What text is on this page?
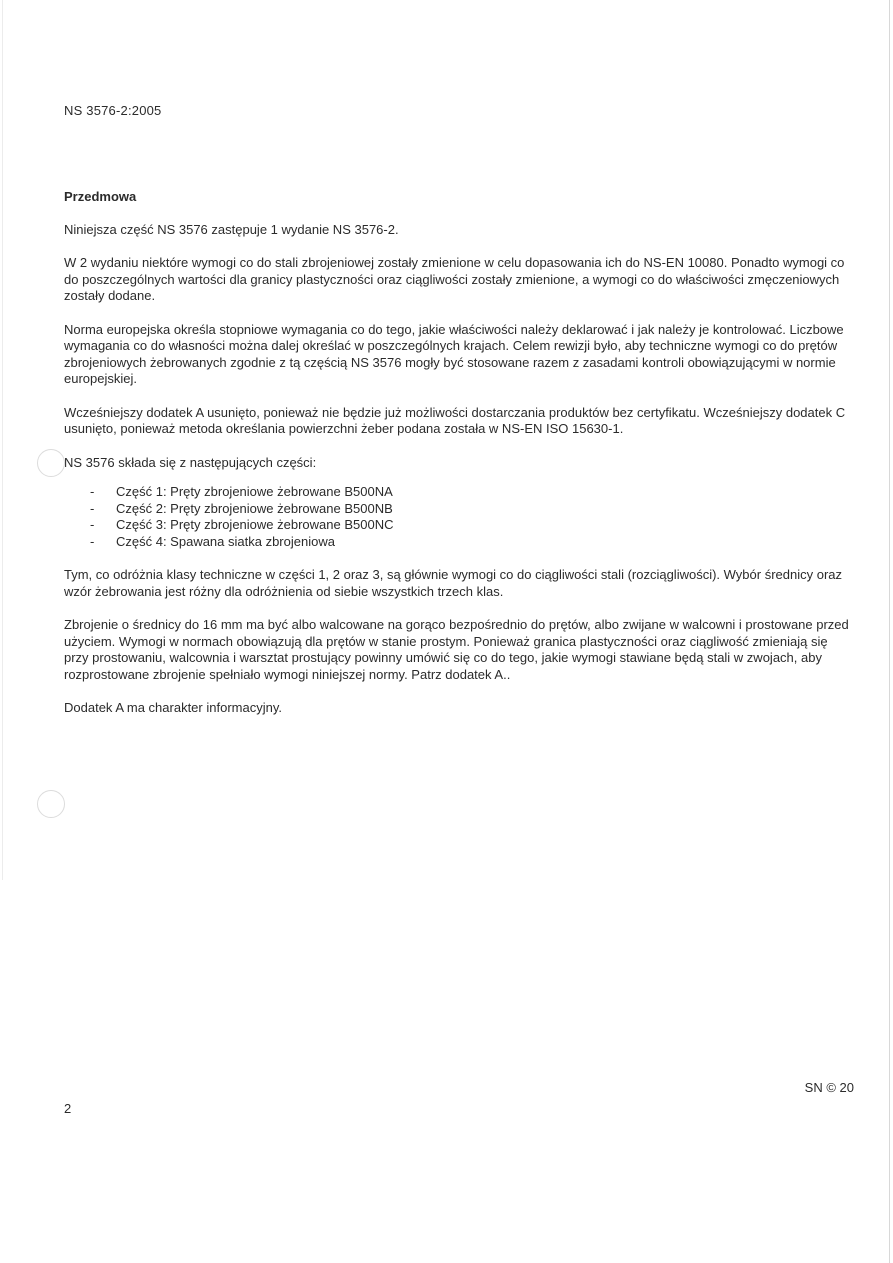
NS 3576-2:2005

Przedmowa

Niniejsza część NS 3576 zastępuje 1 wydanie NS 3576-2.

W 2 wydaniu niektóre wymogi co do stali zbrojeniowej zostały zmienione w celu dopasowania ich do NS-EN 10080. Ponadto wymogi co do poszczególnych wartości dla granicy plastyczności oraz ciągliwości zostały zmienione, a wymogi co do właściwości zmęczeniowych zostały dodane.

Norma europejska określa stopniowe wymagania co do tego, jakie właściwości należy deklarować i jak należy je kontrolować. Liczbowe wymagania co do własności można dalej określać w poszczególnych krajach. Celem rewizji było, aby techniczne wymogi co do prętów zbrojeniowych żebrowanych zgodnie z tą częścią NS 3576 mogły być stosowane razem z zasadami kontroli obowiązującymi w normie europejskiej.

Wcześniejszy dodatek A usunięto, ponieważ nie będzie już możliwości dostarczania produktów bez certyfikatu. Wcześniejszy dodatek C usunięto, ponieważ metoda określania powierzchni żeber podana została w NS-EN ISO 15630-1.

NS 3576 składa się z następujących części:

- Część 1: Pręty zbrojeniowe żebrowane B500NA
- Część 2: Pręty zbrojeniowe żebrowane B500NB
- Część 3: Pręty zbrojeniowe żebrowane B500NC
- Część 4: Spawana siatka zbrojeniowa

Tym, co odróżnia klasy techniczne w części 1, 2 oraz 3, są głównie wymogi co do ciągliwości stali (rozciągliwości). Wybór średnicy oraz wzór żebrowania jest różny dla odróżnienia od siebie wszystkich trzech klas.

Zbrojenie o średnicy do 16 mm ma być albo walcowane na gorąco bezpośrednio do prętów, albo zwijane w walcowni i prostowane przed użyciem. Wymogi w normach obowiązują dla prętów w stanie prostym. Ponieważ granica plastyczności oraz ciągliwość zmieniają się przy prostowaniu, walcownia i warsztat prostujący powinny umówić się co do tego, jakie wymogi stawiane będą stali w zwojach, aby rozprostowane zbrojenie spełniało wymogi niniejszej normy. Patrz dodatek A..

Dodatek A ma charakter informacyjny.

SN © 20
2
